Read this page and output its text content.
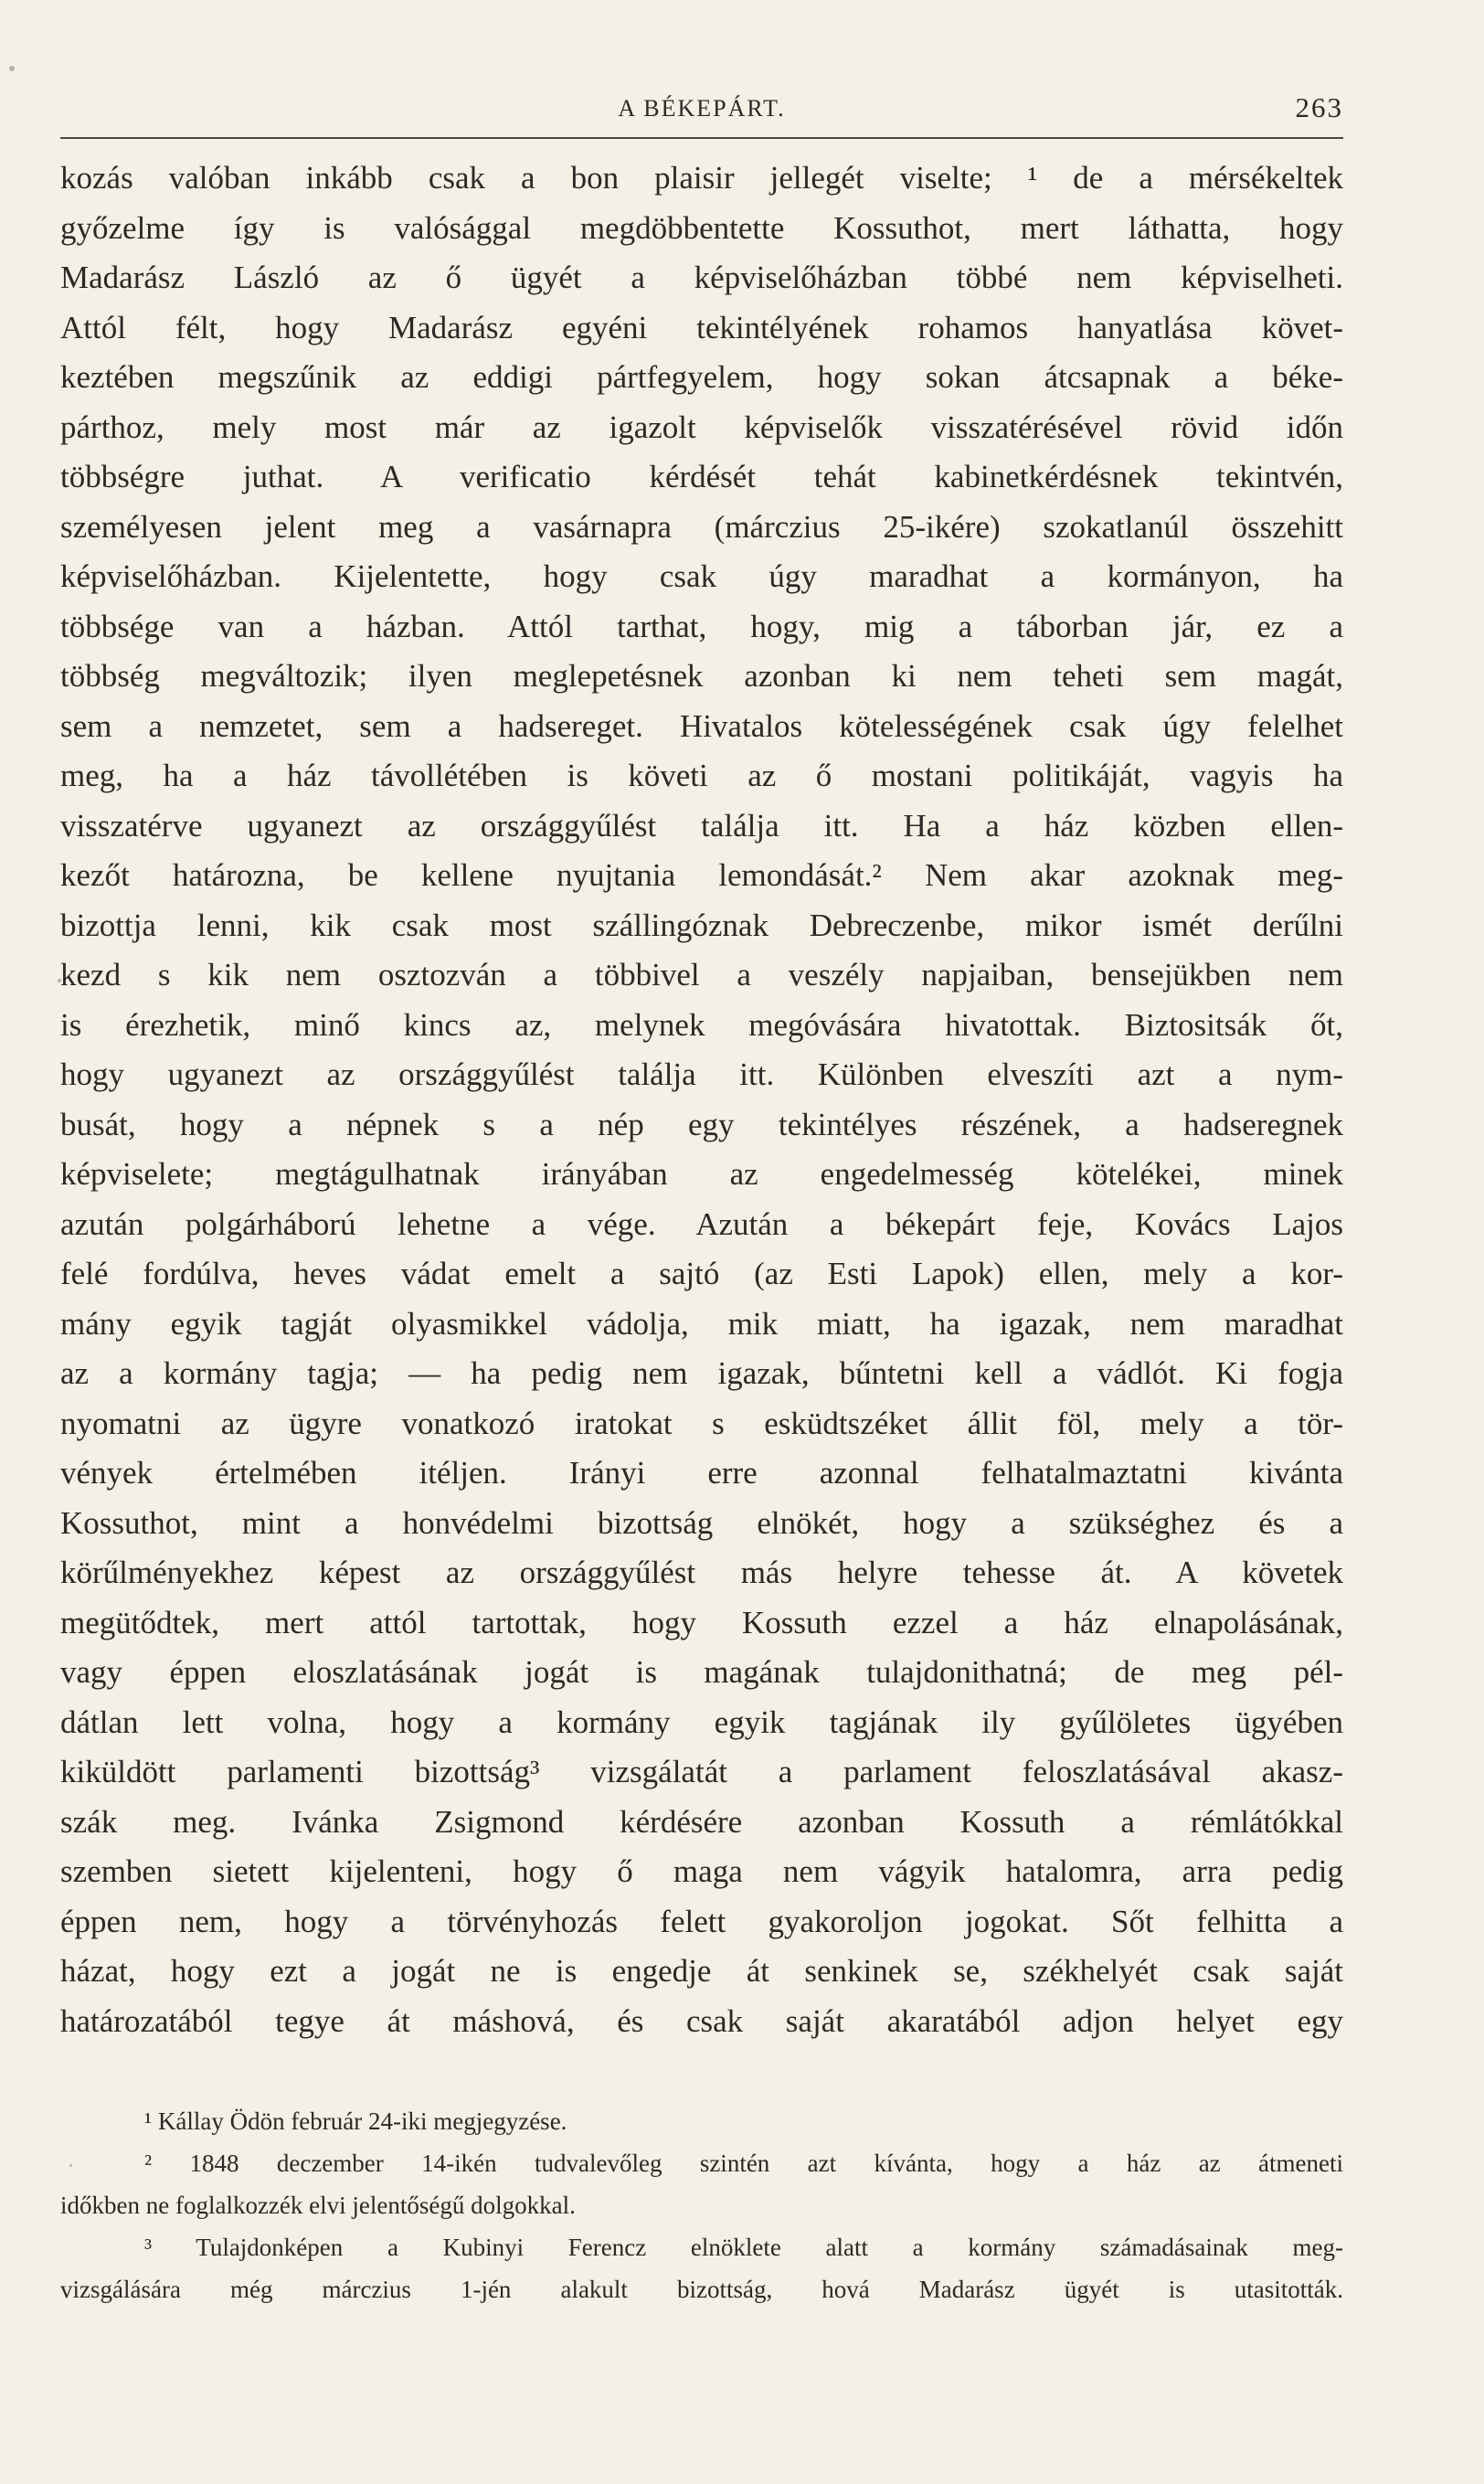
A BÉKEPÁRT.	263
kozás valóban inkább csak a bon plaisir jellegét viselte; ¹ de a mérsékeltek
győzelme így is valósággal megdöbbentette Kossuthot, mert láthatta, hogy
Madarász László az ő ügyét a képviselőházban többé nem képviselheti.
Attól félt, hogy Madarász egyéni tekintélyének rohamos hanyatlása követ-
keztében megszűnik az eddigi pártfegyelem, hogy sokan átcsapnak a béke-
párthoz, mely most már az igazolt képviselők visszatérésével rövid időn
többségre juthat. A verificatio kérdését tehát kabinetkérdésnek tekintvén,
személyesen jelent meg a vasárnapra (márczius 25-ikére) szokatlanúl összehitt
képviselőházban. Kijelentette, hogy csak úgy maradhat a kormányon, ha
többsége van a házban. Attól tarthat, hogy, mig a táborban jár, ez a
többség megváltozik; ilyen meglepetésnek azonban ki nem teheti sem magát,
sem a nemzetet, sem a hadsereget. Hivatalos kötelességének csak úgy felelhet
meg, ha a ház távollétében is követi az ő mostani politikáját, vagyis ha
visszatérve ugyanezt az országgyűlést találja itt. Ha a ház közben ellen-
kezőt határozna, be kellene nyujtania lemondását.² Nem akar azoknak meg-
bizottja lenni, kik csak most szállingóznak Debreczenbe, mikor ismét derűlni
kezd s kik nem osztozván a többivel a veszély napjaiban, bensejükben nem
is érezhetik, minő kincs az, melynek megóvására hivatottak. Biztositsák őt,
hogy ugyanezt az országgyűlést találja itt. Különben elveszíti azt a nym-
busát, hogy a népnek s a nép egy tekintélyes részének, a hadseregnek
képviselete; megtágulhatnak irányában az engedelmesség kötelékei, minek
azután polgárháború lehetne a vége. Azután a békepárt feje, Kovács Lajos
felé fordúlva, heves vádat emelt a sajtó (az Esti Lapok) ellen, mely a kor-
mány egyik tagját olyasmikkel vádolja, mik miatt, ha igazak, nem maradhat
az a kormány tagja; — ha pedig nem igazak, bűntetni kell a vádlót. Ki fogja
nyomatni az ügyre vonatkozó iratokat s esküdtszéket állit föl, mely a tör-
vények értelmében itéljen. Irányi erre azonnal felhatalmaztatni kivánta
Kossuthot, mint a honvédelmi bizottság elnökét, hogy a szükséghez és a
körűlményekhez képest az országgyűlést más helyre tehesse át. A követek
megütődtek, mert attól tartottak, hogy Kossuth ezzel a ház elnapolásának,
vagy éppen eloszlatásának jogát is magának tulajdonithatná; de meg pél-
dátlan lett volna, hogy a kormány egyik tagjának ily gyűlöletes ügyében
kiküldött parlamenti bizottság³ vizsgálatát a parlament feloszlatásával akasz-
szák meg. Ivánka Zsigmond kérdésére azonban Kossuth a rémlátókkal
szemben sietett kijelenteni, hogy ő maga nem vágyik hatalomra, arra pedig
éppen nem, hogy a törvényhozás felett gyakoroljon jogokat. Sőt felhitta a
házat, hogy ezt a jogát ne is engedje át senkinek se, székhelyét csak saját
határozatából tegye át máshová, és csak saját akaratából adjon helyet egy
¹ Kállay Ödön február 24-iki megjegyzése.
² 1848 deczember 14-ikén tudvalevőleg szintén azt kívánta, hogy a ház az átmeneti
időkben ne foglalkozzék elvi jelentőségű dolgokkal.
³ Tulajdonképen a Kubinyi Ferencz elnöklete alatt a kormány számadásainak meg-
vizsgálására még márczius 1-jén alakult bizottság, hová Madarász ügyét is utasitották.
